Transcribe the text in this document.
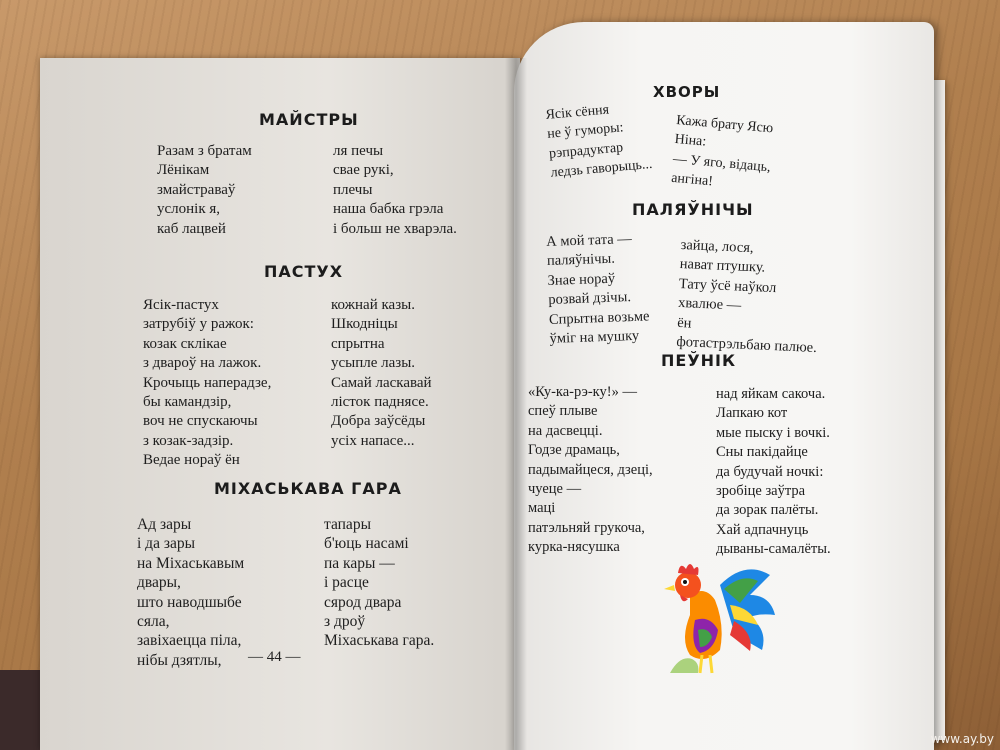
МАЙСТРЫ
Разам з братам
Лёнікам
змайстраваў
услонік я,
каб лацвей
ля печы
свае рукі,
плечы
наша бабка грэла
і больш не хварэла.
ПАСТУХ
Ясік-пастух
затрубіў у ражок:
козак склікае
з двароў на лажок.
Крочыць наперадзе,
бы камандзір,
воч не спускаючы
з козак-задзір.
Ведае нораў ён
кожнай казы.
Шкодніцы
спрытна
усыпле лазы.
Самай ласкавай
лісток паднясе.
Добра заўсёды
усіх напасе...
МІХАСЬКАВА ГАРА
Ад зары
і да зары
на Міхаськавым
двары,
што наводшыбе
сяла,
завіхаецца піла,
нібы дзятлы,
тапары
б'юць насамі
па кары —
і расце
сярод двара
з дроў
Міхаськава гара.
— 44 —
ХВОРЫ
Ясік сёння
не ў гуморы:
рэпрадуктар
ледзь гаворыць...
Кажа брату Ясю
Ніна:
— У яго, відаць,
ангіна!
ПАЛЯЎНІЧЫ
А мой тата —
паляўнічы.
Знае нораў
розвай дзічы.
Спрытна возьме
ўміг на мушку
зайца, лося,
нават птушку.
Тату ўсё наўкол
хвалюе —
ён
фотастрэльбаю палюе.
ПЕЎНІК
«Ку-ка-рэ-ку!» —
спеў плыве
на дасвецці.
Годзе драмаць,
падымайцеся, дзеці,
чуеце —
маці
патэльняй грукоча,
курка-нясушка
над яйкам сакоча.
Лапкаю кот
мые пыску і вочкі.
Сны пакідайце
да будучай ночкі:
зробіце заўтра
да зорак палёты.
Хай адпачнуць
дываны-самалёты.
www.ay.by
